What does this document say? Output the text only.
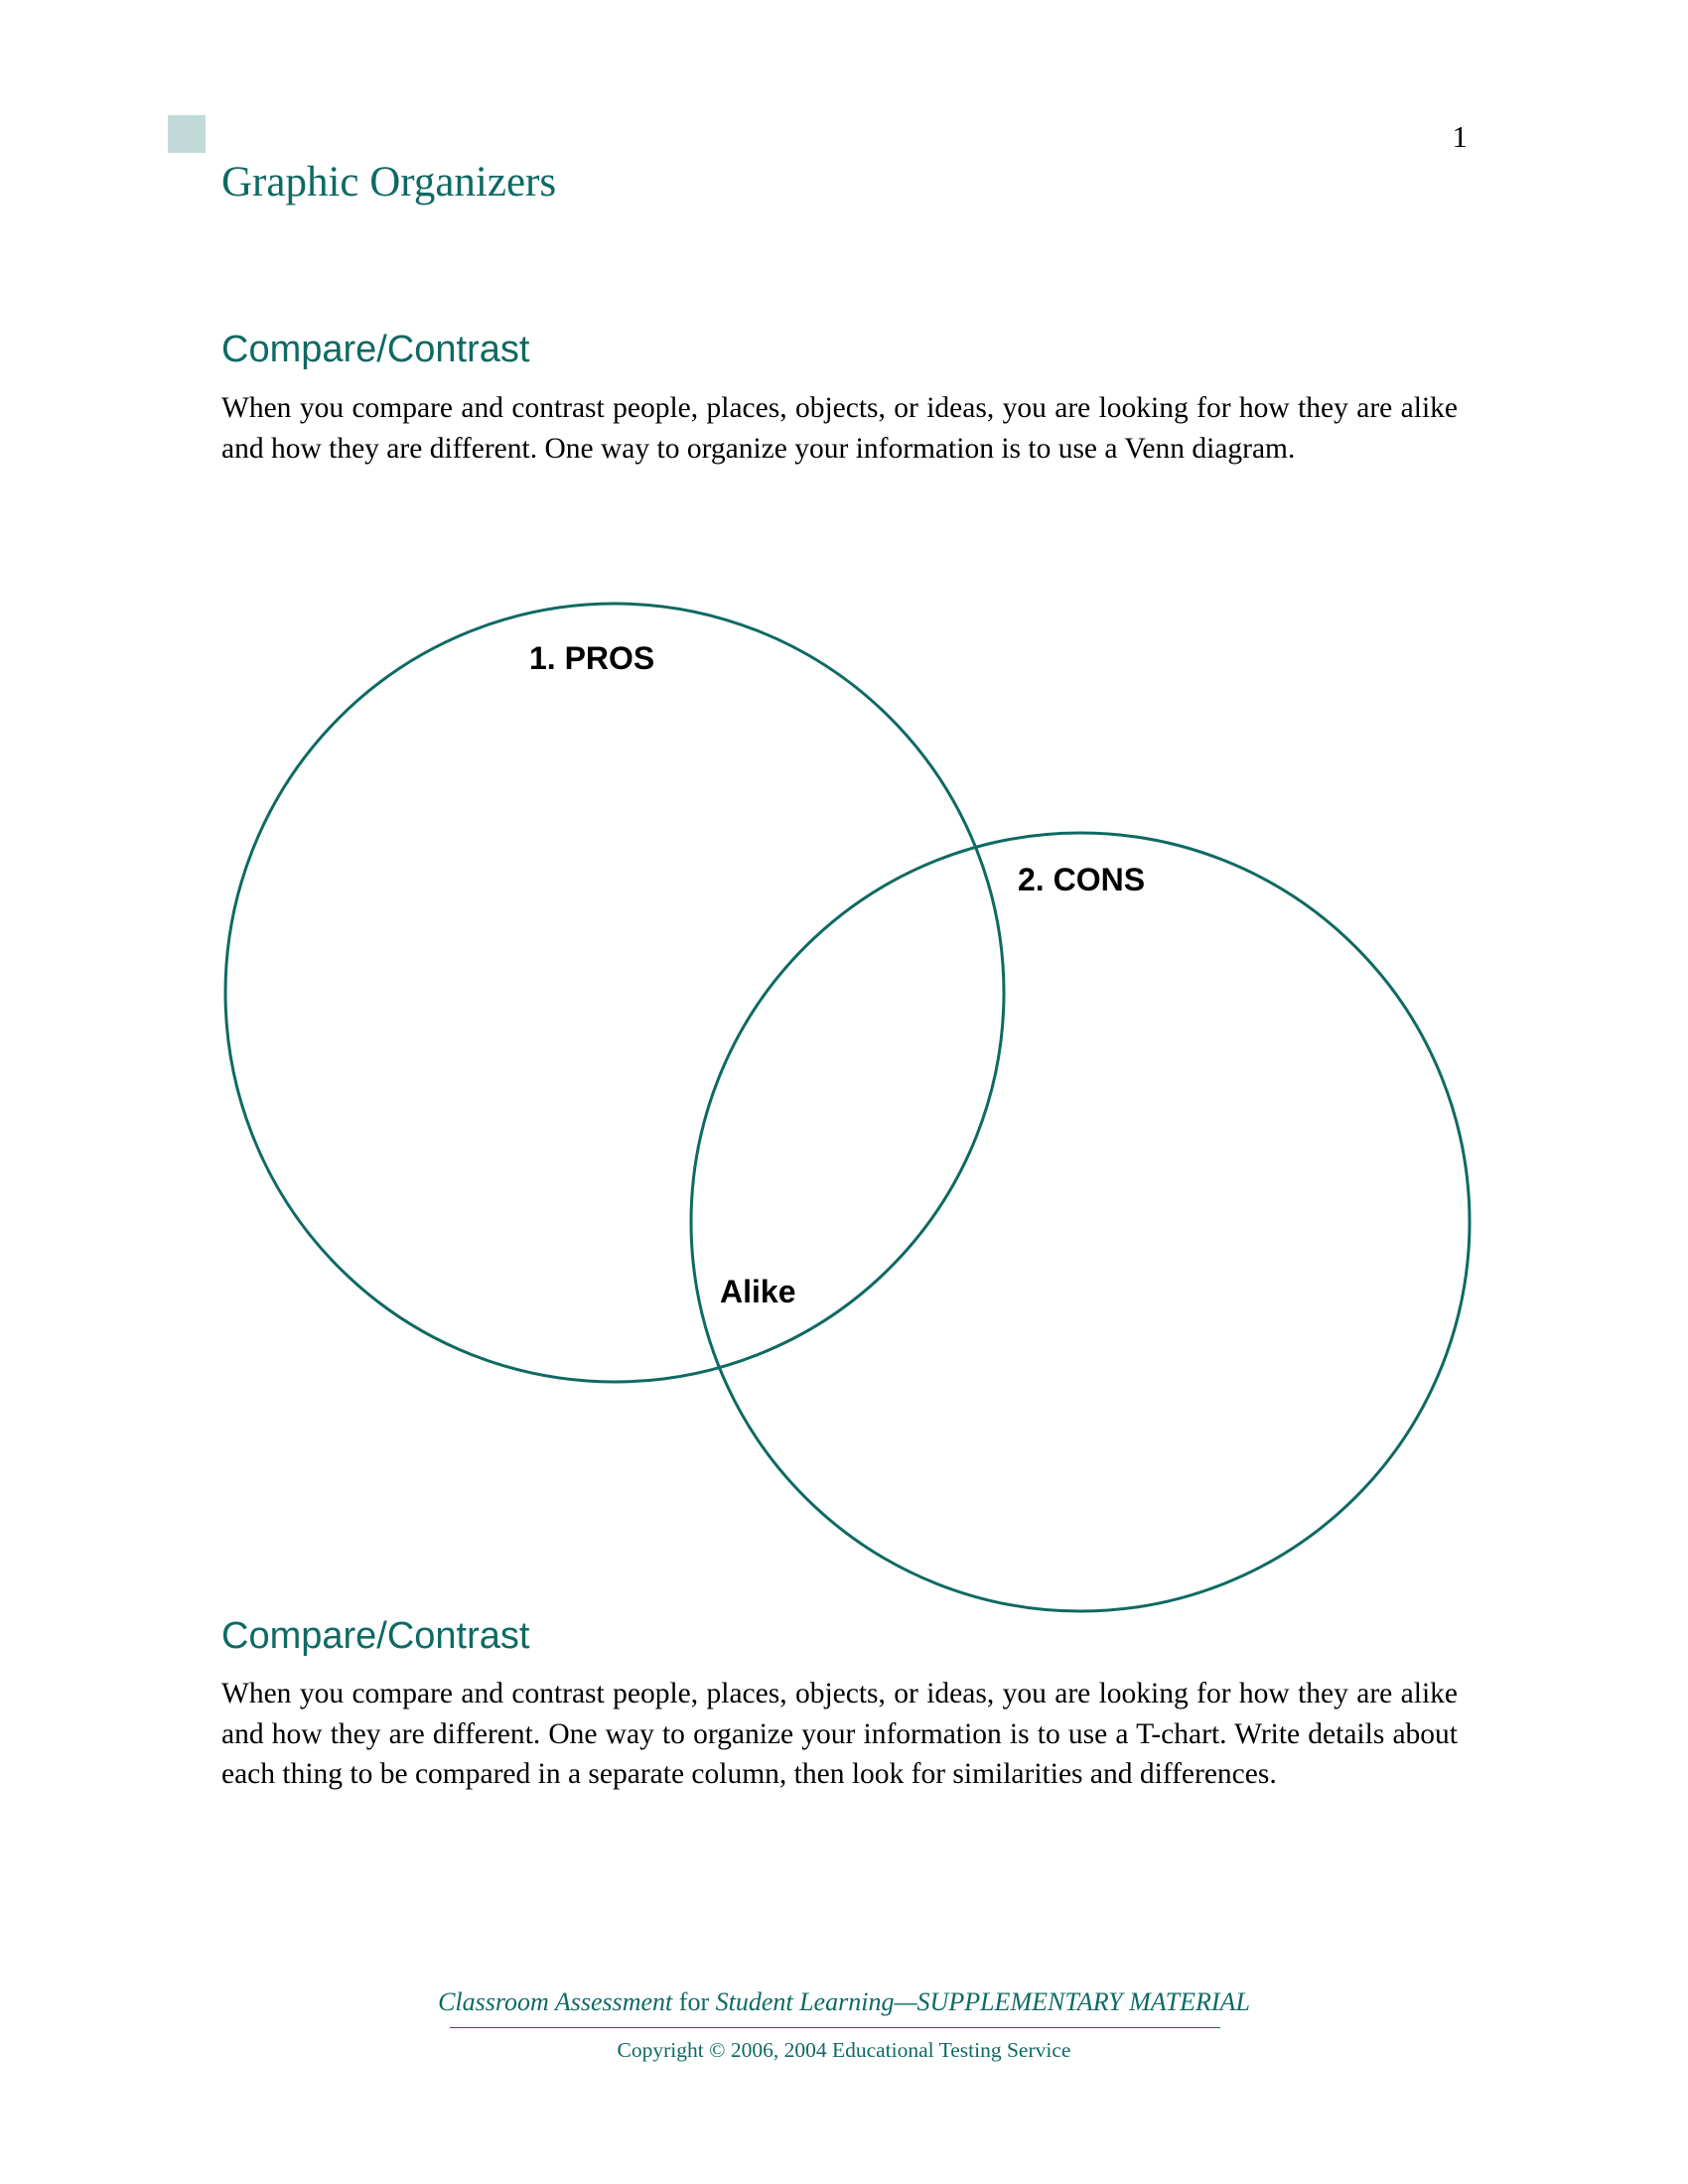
1
Graphic Organizers
Compare/Contrast

When you compare and contrast people, places, objects, or ideas, you are looking for how they are alike and how they are different. One way to organize your information is to use a Venn diagram.

1. PROS
2. CONS
Alike
Compare/Contrast

When you compare and contrast people, places, objects, or ideas, you are looking for how they are alike and how they are different. One way to organize your information is to use a T-chart. Write details about each thing to be compared in a separate column, then look for similarities and differences.

Classroom Assessment for Student Learning—SUPPLEMENTARY MATERIAL
Copyright © 2006, 2004 Educational Testing Service
